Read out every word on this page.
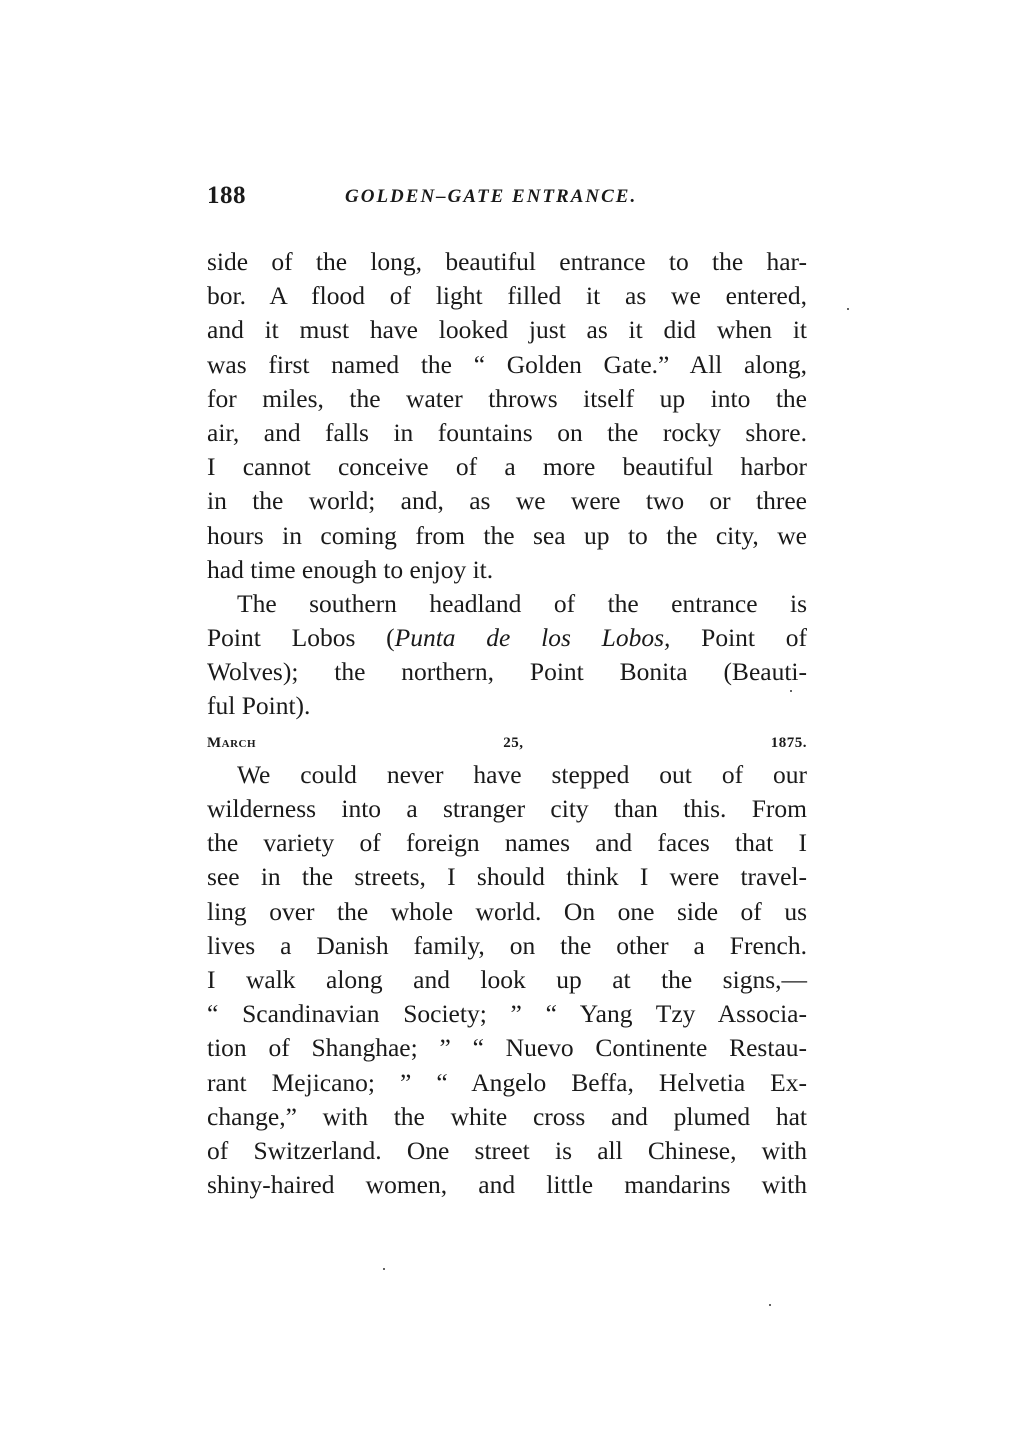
188	GOLDEN–GATE ENTRANCE.
side of the long, beautiful entrance to the har-
bor. A flood of light filled it as we entered,
and it must have looked just as it did when it
was first named the “ Golden Gate.” All along,
for miles, the water throws itself up into the
air, and falls in fountains on the rocky shore.
I cannot conceive of a more beautiful harbor
in the world; and, as we were two or three
hours in coming from the sea up to the city, we
had time enough to enjoy it.
The southern headland of the entrance is
Point Lobos (Punta de los Lobos, Point of
Wolves); the northern, Point Bonita (Beauti-
ful Point).
March 25, 1875.
We could never have stepped out of our
wilderness into a stranger city than this. From
the variety of foreign names and faces that I
see in the streets, I should think I were travel-
ling over the whole world. On one side of us
lives a Danish family, on the other a French.
I walk along and look up at the signs,—
“ Scandinavian Society; ” “ Yang Tzy Associa-
tion of Shanghae; ” “ Nuevo Continente Restau-
rant Mejicano; ” “ Angelo Beffa, Helvetia Ex-
change,” with the white cross and plumed hat
of Switzerland. One street is all Chinese, with
shiny-haired women, and little mandarins with
